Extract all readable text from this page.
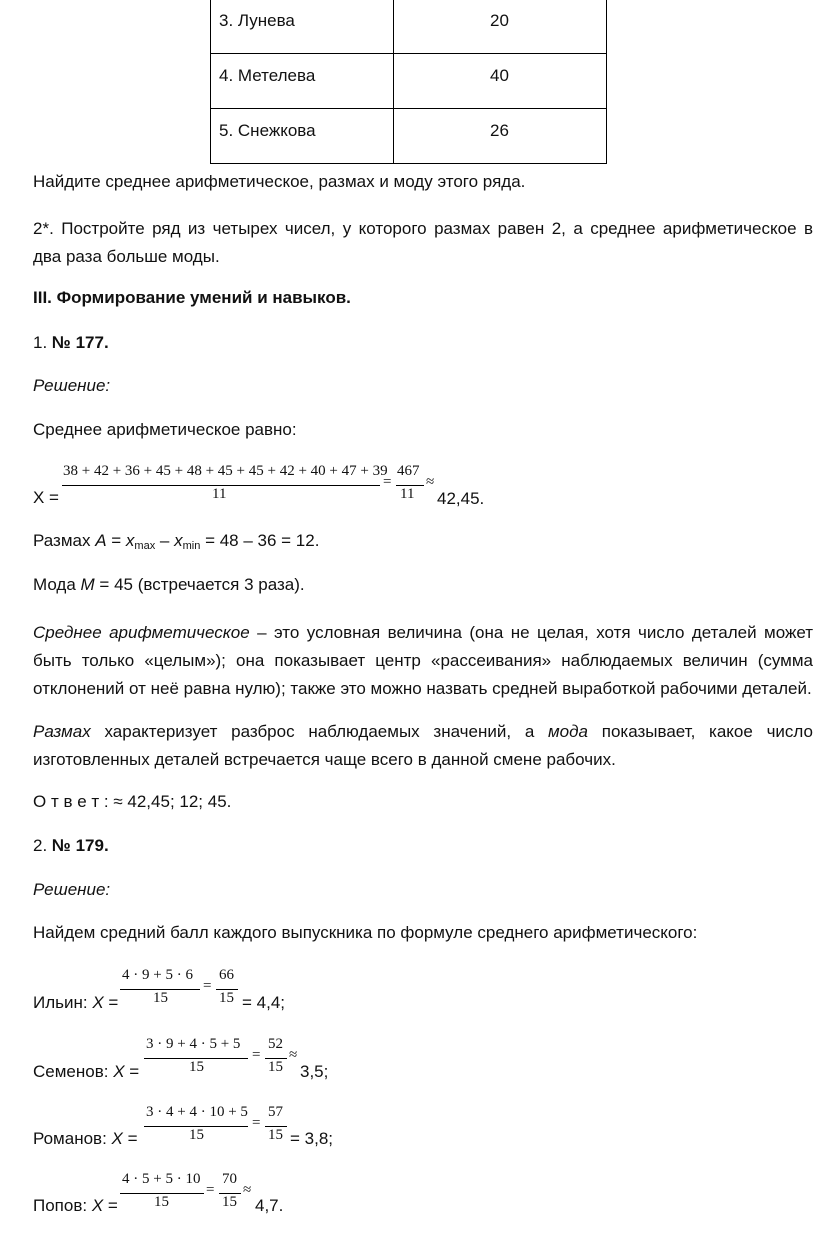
3. Лунева	20
4. Метелева	40
5. Снежкова	26
Найдите среднее арифметическое, размах и моду этого ряда.
2*. Постройте ряд из четырех чисел, у которого размах равен 2, а среднее арифметическое в
два раза больше моды.
III. Формирование умений и навыков.
1. № 177.
Решение:
Среднее арифметическое равно:
X =
38 + 42 + 36 + 45 + 48 + 45 + 45 + 42 + 40 + 47 + 39
11
=
467
11
≈
42,45.
Размах $A = x_{max} - x_{min} = 48 - 36 = 12$.
Мода M = 45 (встречается 3 раза).
Среднее арифметическое – это условная величина (она не целая, хотя число деталей может
быть только «целым»); она показывает центр «рассеивания» наблюдаемых величин (сумма
отклонений от неё равна нулю); также это можно назвать средней выработкой рабочими деталей.
Размах характеризует разброс наблюдаемых значений, а мода показывает, какое число
изготовленных деталей встречается чаще всего в данной смене рабочих.
О т в е т : ≈ 42,45; 12; 45.
2. № 179.
Решение:
Найдем средний балл каждого выпускника по формуле среднего арифметического:
Ильин: X =
4 · 9 + 5 · 6
15
=
66
15 = 4,4;
Семенов: X =
3 · 9 + 4 · 5 + 5
15
=
52
15
≈
3,5;
Романов: X =
3 · 4 + 4 · 10 + 5
15
=
57
15 = 3,8;
Попов: X =
4 · 5 + 5 · 10
15
=
70
15
≈
4,7.
